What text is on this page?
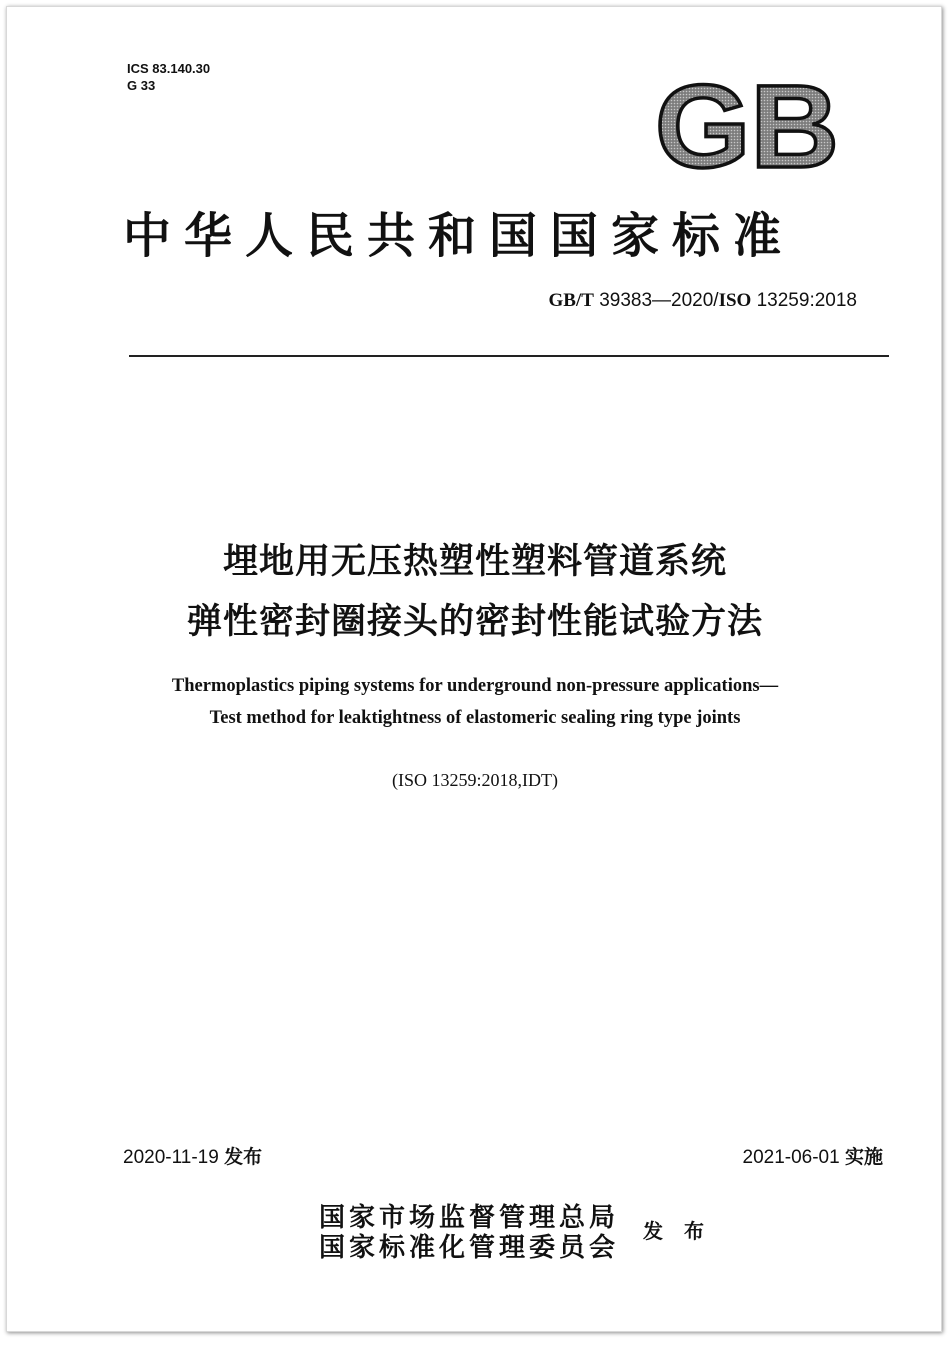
ICS 83.140.30
G 33	GB
中华人民共和国国家标准
GB/T 39383—2020/ISO 13259:2018
埋地用无压热塑性塑料管道系统
弹性密封圈接头的密封性能试验方法
Thermoplastics piping systems for underground non-pressure applications—
Test method for leaktightness of elastomeric sealing ring type joints
(ISO 13259:2018,IDT)
2020-11-19 发布	2021-06-01 实施
国家市场监督管理总局
国家标准化管理委员会
发 布
